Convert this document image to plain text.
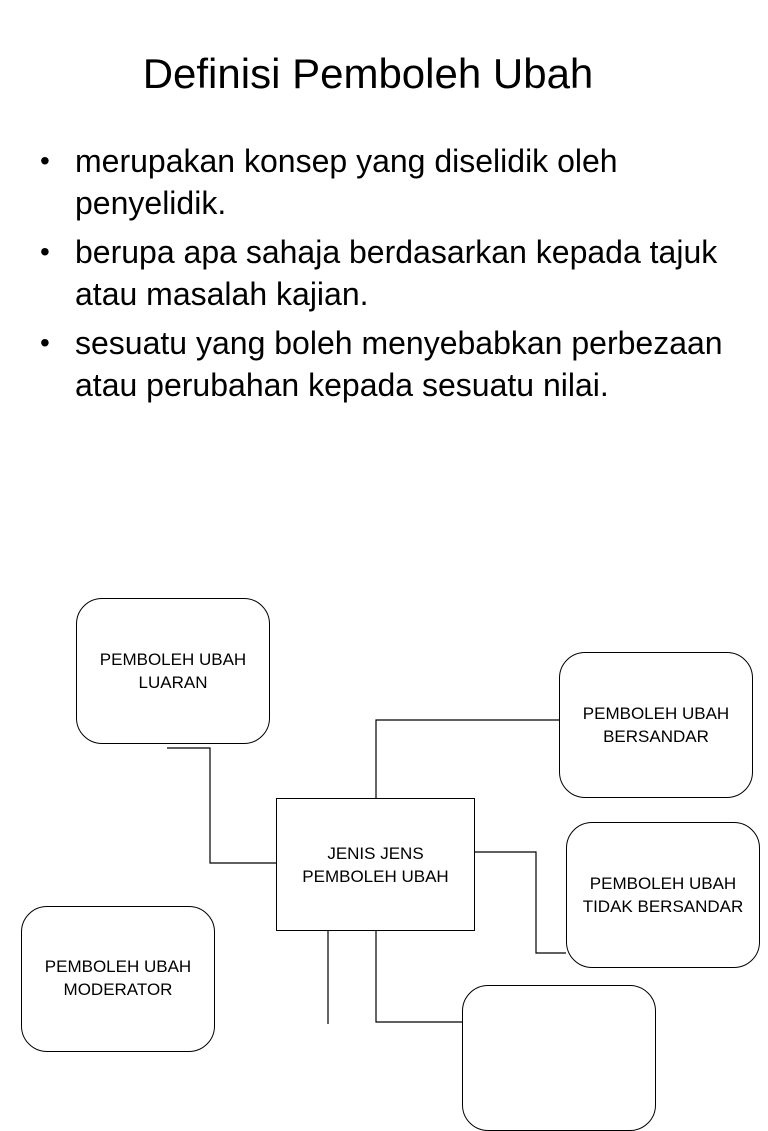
Definisi Pemboleh Ubah
• merupakan konsep yang diselidik oleh penyelidik.
• berupa apa sahaja berdasarkan kepada tajuk atau masalah kajian.
• sesuatu yang boleh menyebabkan perbezaan atau perubahan kepada sesuatu nilai.
PEMBOLEH UBAH
LUARAN
PEMBOLEH UBAH
BERSANDAR
JENIS JENS
PEMBOLEH UBAH	PEMBOLEH UBAH
TIDAK BERSANDAR
PEMBOLEH UBAH
MODERATOR
